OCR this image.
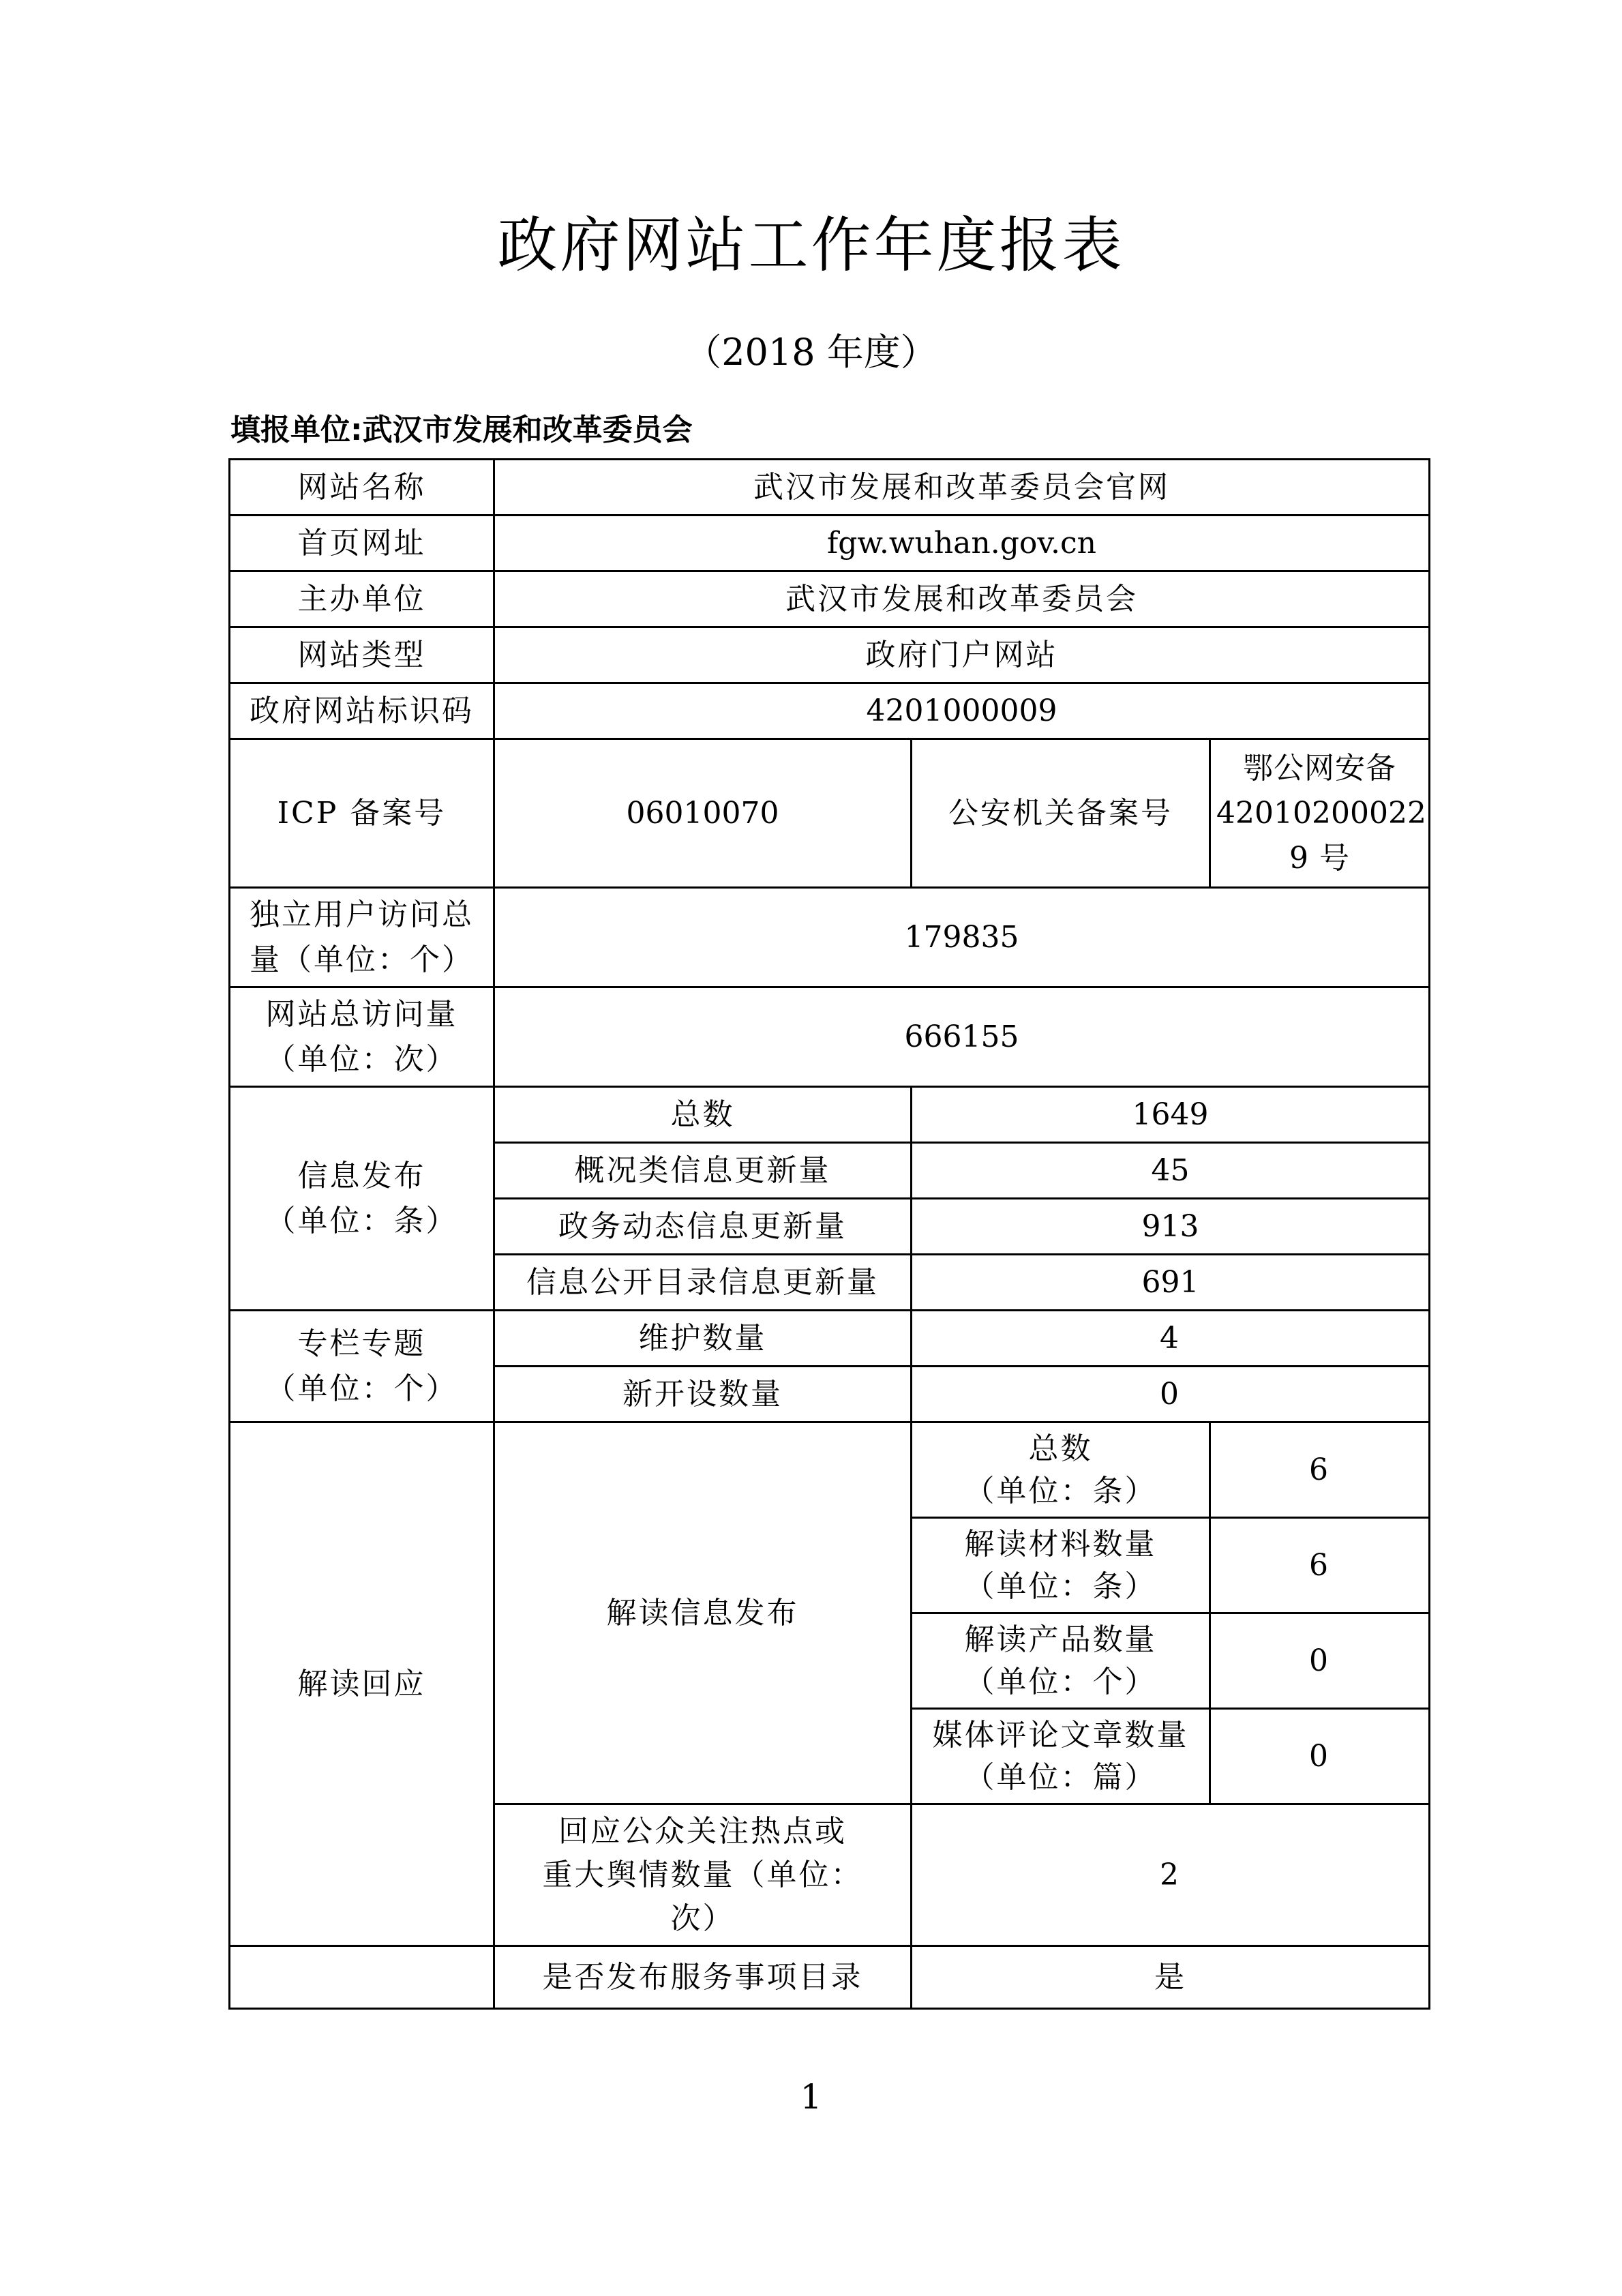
政府网站工作年度报表
（2018 年度）
填报单位:武汉市发展和改革委员会
网站名称	武汉市发展和改革委员会官网		
首页网址	fgw.wuhan.gov.cn		
主办单位	武汉市发展和改革委员会		
网站类型	政府门户网站		
政府网站标识码	4201000009		
ICP 备案号	06010070	公安机关备案号	鄂公网安备
42010200022
9 号

独立用户访问总
量（单位：个）	179835		

网站总访问量
（单位：次）	666155		

信息发布
（单位：条）	总数	1649	
	概况类信息更新量	45	
	政务动态信息更新量	913	
	信息公开目录信息更新量	691	

专栏专题
（单位：个）	维护数量	4	
	新开设数量	0	
解读回应	解读信息发布	总数
（单位：条）	6

		解读材料数量
（单位：条）	6

		解读产品数量
（单位：个）	0

		媒体评论文章数量
（单位：篇）	0

	回应公众关注热点或
重大舆情数量（单位：
次）	2	
	是否发布服务事项目录	是	
1
